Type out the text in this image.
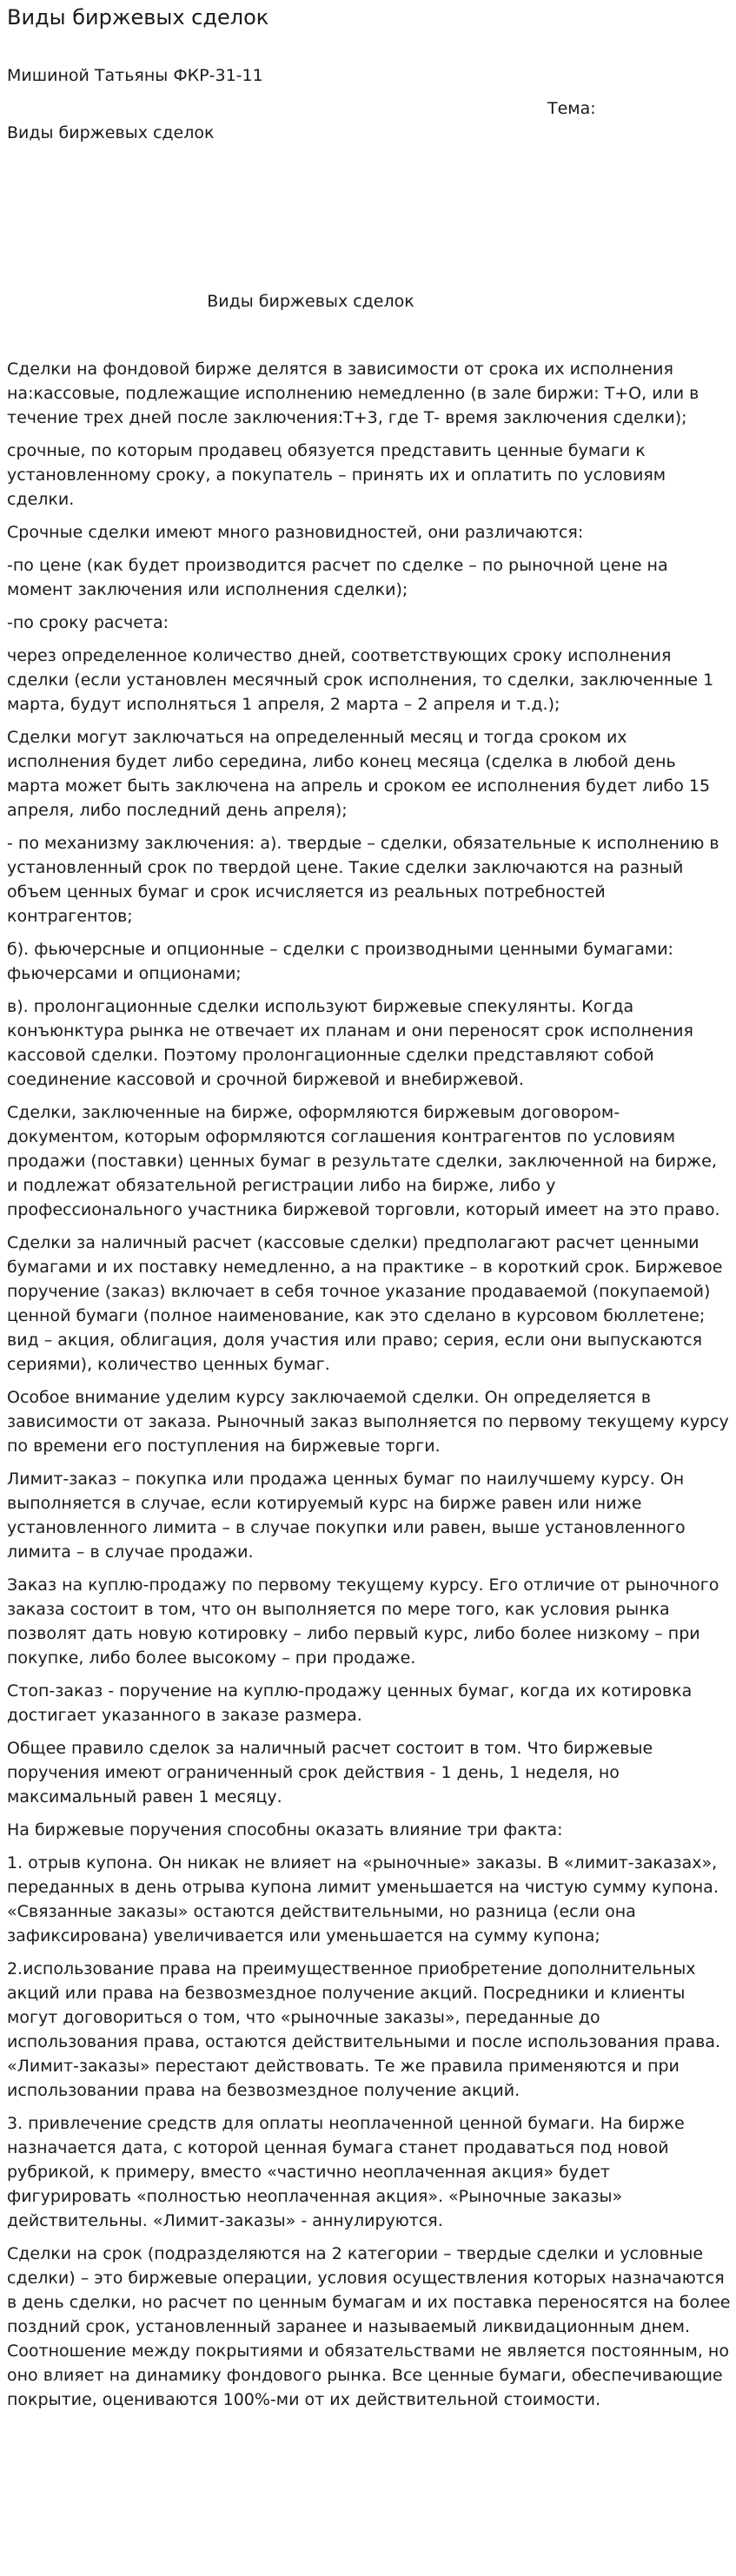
Виды биржевых сделок

Мишиной Татьяны ФКР-31-11

Тема:

Виды биржевых сделок

Виды биржевых сделок

Сделки на фондовой бирже делятся в зависимости от срока их исполнения на:кассовые, подлежащие исполнению немедленно (в зале биржи: Т+О, или в течение трех дней после заключения:Т+3, где Т- время заключения сделки);

срочные, по которым продавец обязуется представить ценные бумаги к установленному сроку, а покупатель – принять их и оплатить по условиям сделки.

Срочные сделки имеют много разновидностей, они различаются:

-по цене (как будет производится расчет по сделке – по рыночной цене на момент заключения или исполнения сделки);

-по сроку расчета:

через определенное количество дней, соответствующих сроку исполнения сделки (если установлен месячный срок исполнения, то сделки, заключенные 1 марта, будут исполняться 1 апреля, 2 марта – 2 апреля и т.д.);

Сделки могут заключаться на определенный месяц и тогда сроком их исполнения будет либо середина, либо конец месяца (сделка в любой день марта может быть заключена на апрель и сроком ее исполнения будет либо 15 апреля, либо последний день апреля);

- по механизму заключения: а). твердые – сделки, обязательные к исполнению в установленный срок по твердой цене. Такие сделки заключаются на разный объем ценных бумаг и срок исчисляется из реальных потребностей контрагентов;

б). фьючерсные и опционные – сделки с производными ценными бумагами: фьючерсами и опционами;

в). пролонгационные сделки используют биржевые спекулянты. Когда конъюнктура рынка не отвечает их планам и они переносят срок исполнения кассовой сделки. Поэтому пролонгационные сделки представляют собой соединение кассовой и срочной биржевой и внебиржевой.

Сделки, заключенные на бирже, оформляются биржевым договором-документом, которым оформляются соглашения контрагентов по условиям продажи (поставки) ценных бумаг в результате сделки, заключенной на бирже, и подлежат обязательной регистрации либо на бирже, либо у профессионального участника биржевой торговли, который имеет на это право.

Сделки за наличный расчет (кассовые сделки) предполагают расчет ценными бумагами и их поставку немедленно, а на практике – в короткий срок. Биржевое поручение (заказ) включает в себя точное указание продаваемой (покупаемой) ценной бумаги (полное наименование, как это сделано в курсовом бюллетене; вид – акция, облигация, доля участия или право; серия, если они выпускаются сериями), количество ценных бумаг.

Особое внимание уделим курсу заключаемой сделки. Он определяется в зависимости от заказа. Рыночный заказ выполняется по первому текущему курсу по времени его поступления на биржевые торги.

Лимит-заказ – покупка или продажа ценных бумаг по наилучшему курсу. Он выполняется в случае, если котируемый курс на бирже равен или ниже установленного лимита – в случае покупки или равен, выше установленного лимита – в случае продажи.

Заказ на куплю-продажу по первому текущему курсу. Его отличие от рыночного заказа состоит в том, что он выполняется по мере того, как условия рынка позволят дать новую котировку – либо первый курс, либо более низкому – при покупке, либо более высокому – при продаже.

Стоп-заказ - поручение на куплю-продажу ценных бумаг, когда их котировка достигает указанного в заказе размера.

Общее правило сделок за наличный расчет состоит в том. Что биржевые поручения имеют ограниченный срок действия - 1 день, 1 неделя, но максимальный равен 1 месяцу.

На биржевые поручения способны оказать влияние три факта:

1. отрыв купона. Он никак не влияет на «рыночные» заказы. В «лимит-заказах», переданных в день отрыва купона лимит уменьшается на чистую сумму купона. «Связанные заказы» остаются действительными, но разница (если она зафиксирована) увеличивается или уменьшается на сумму купона;

2.использование права на преимущественное приобретение дополнительных акций или права на безвозмездное получение акций. Посредники и клиенты могут договориться о том, что «рыночные заказы», переданные до использования права, остаются действительными и после использования права. «Лимит-заказы» перестают действовать. Те же правила применяются и при использовании права на безвозмездное получение акций.

3. привлечение средств для оплаты неоплаченной ценной бумаги. На бирже назначается дата, с которой ценная бумага станет продаваться под новой рубрикой, к примеру, вместо «частично неоплаченная акция» будет фигурировать «полностью неоплаченная акция». «Рыночные заказы» действительны. «Лимит-заказы» - аннулируются.

Сделки на срок (подразделяются на 2 категории – твердые сделки и условные сделки) – это биржевые операции, условия осуществления которых назначаются в день сделки, но расчет по ценным бумагам и их поставка переносятся на более поздний срок, установленный заранее и называемый ликвидационным днем. Соотношение между покрытиями и обязательствами не является постоянным, но оно влияет на динамику фондового рынка. Все ценные бумаги, обеспечивающие покрытие, оцениваются 100%-ми от их действительной стоимости.
